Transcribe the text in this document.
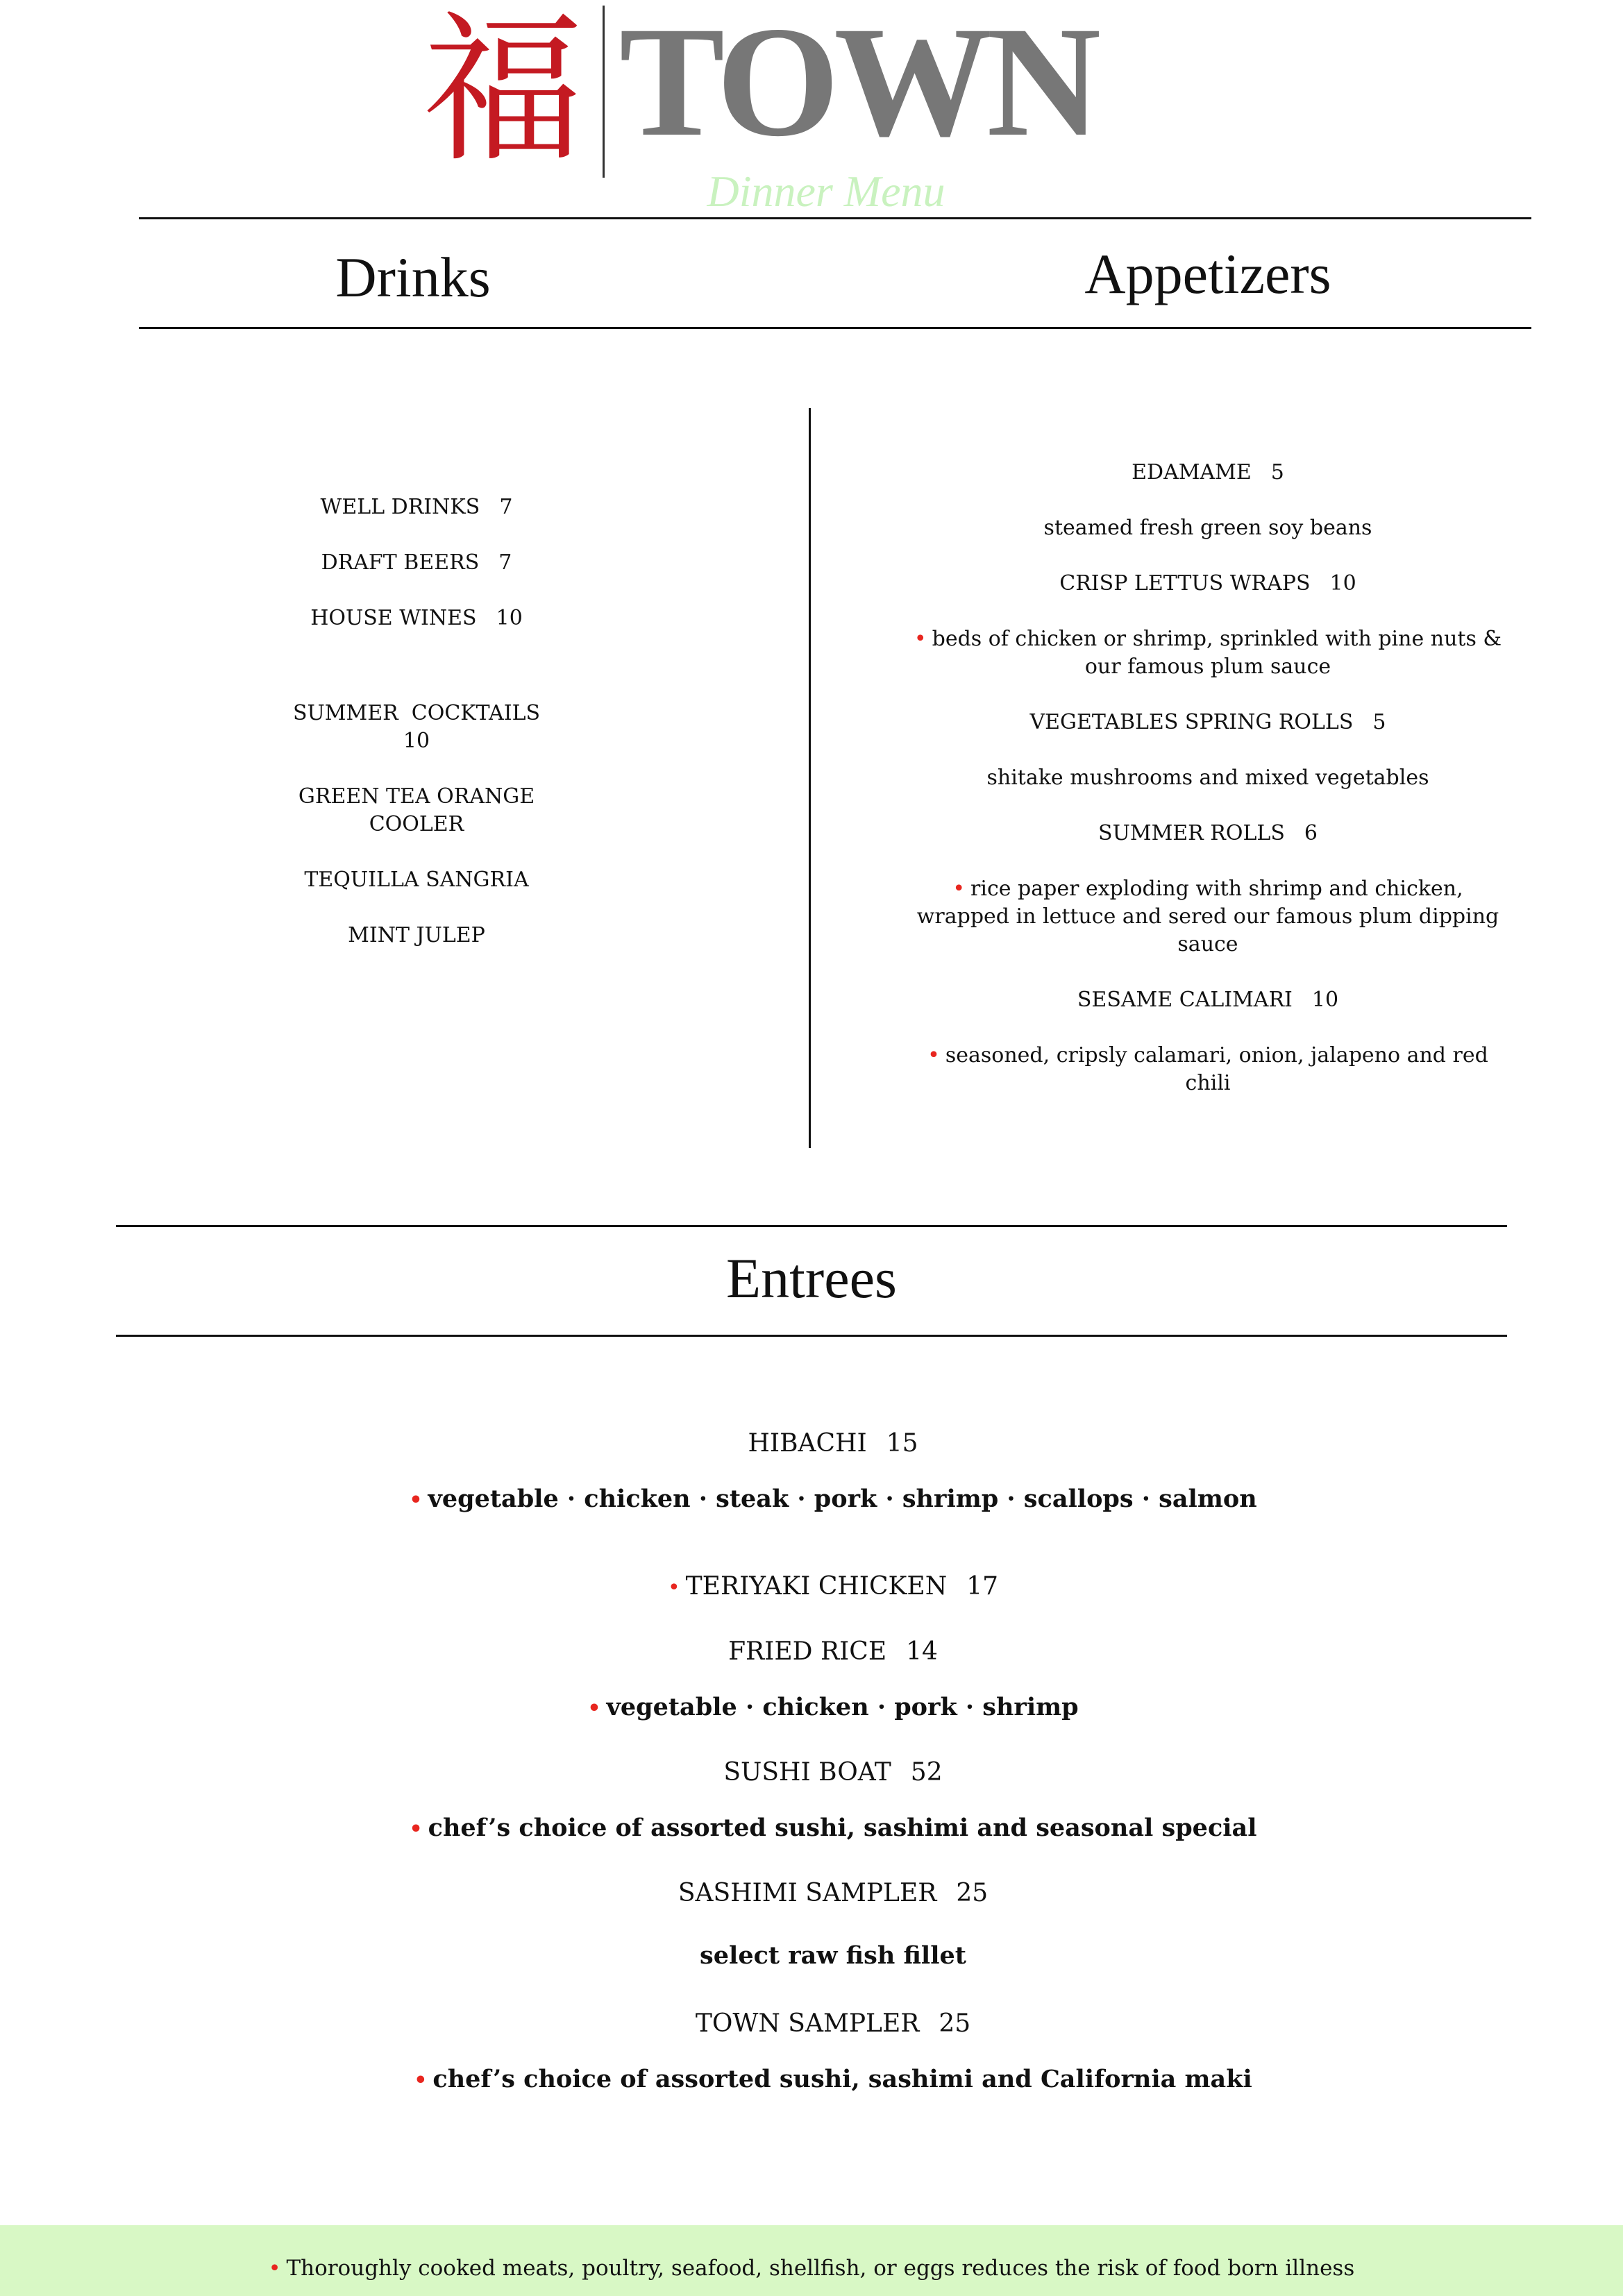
福 TOWN
Dinner Menu
Drinks	Appetizers
WELL DRINKS 7
DRAFT BEERS 7
HOUSE WINES 10
SUMMER  COCKTAILS
10
GREEN TEA ORANGE
COOLER
TEQUILLA SANGRIA
MINT JULEP
EDAMAME 5
steamed fresh green soy beans
CRISP LETTUS WRAPS 10
• beds of chicken or shrimp, sprinkled with pine nuts &
our famous plum sauce
VEGETABLES SPRING ROLLS 5
shitake mushrooms and mixed vegetables
SUMMER ROLLS 6
• rice paper exploding with shrimp and chicken,
wrapped in lettuce and sered our famous plum dipping
sauce
SESAME CALIMARI 10
• seasoned, cripsly calamari, onion, jalapeno and red
chili
Entrees
HIBACHI 15
• vegetable · chicken · steak · pork · shrimp · scallops · salmon
• TERIYAKI CHICKEN 17
FRIED RICE 14
• vegetable · chicken · pork · shrimp
SUSHI BOAT 52
• chef’s choice of assorted sushi, sashimi and seasonal special
SASHIMI SAMPLER 25
select raw fish fillet
TOWN SAMPLER 25
• chef’s choice of assorted sushi, sashimi and California maki
• Thoroughly cooked meats, poultry, seafood, shellfish, or eggs reduces the risk of food born illness
